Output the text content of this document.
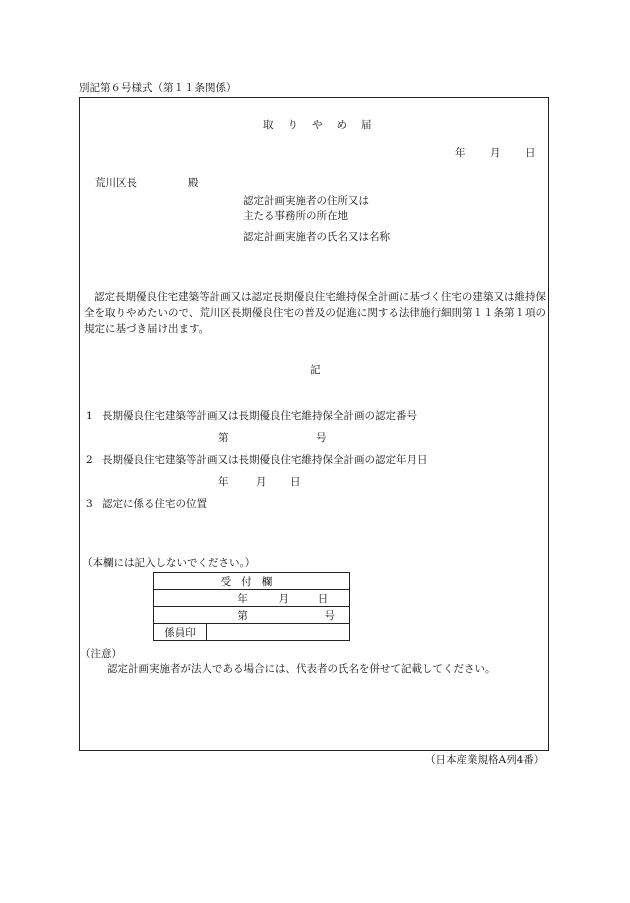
別記第６号様式（第１１条関係）
取りやめ届
年 月 日
荒川区長	殿
認定計画実施者の住所又は
主たる事務所の所在地
認定計画実施者の氏名又は名称
認定長期優良住宅建築等計画又は認定長期優良住宅維持保全計画に基づく住宅の建築又は維持保全を取りやめたいので、荒川区長期優良住宅の普及の促進に関する法律施行細則第１１条第１項の規定に基づき届け出ます。
記
1 長期優良住宅建築等計画又は長期優良住宅維持保全計画の認定番号
第	号
2 長期優良住宅建築等計画又は長期優良住宅維持保全計画の認定年月日
年	月 日
3 認定に係る住宅の位置
（本欄には記入しないでください。）
受付欄
年	月	日
第	号
係員印	
（注意）
認定計画実施者が法人である場合には、代表者の氏名を併せて記載してください。
（日本産業規格A列4番）
